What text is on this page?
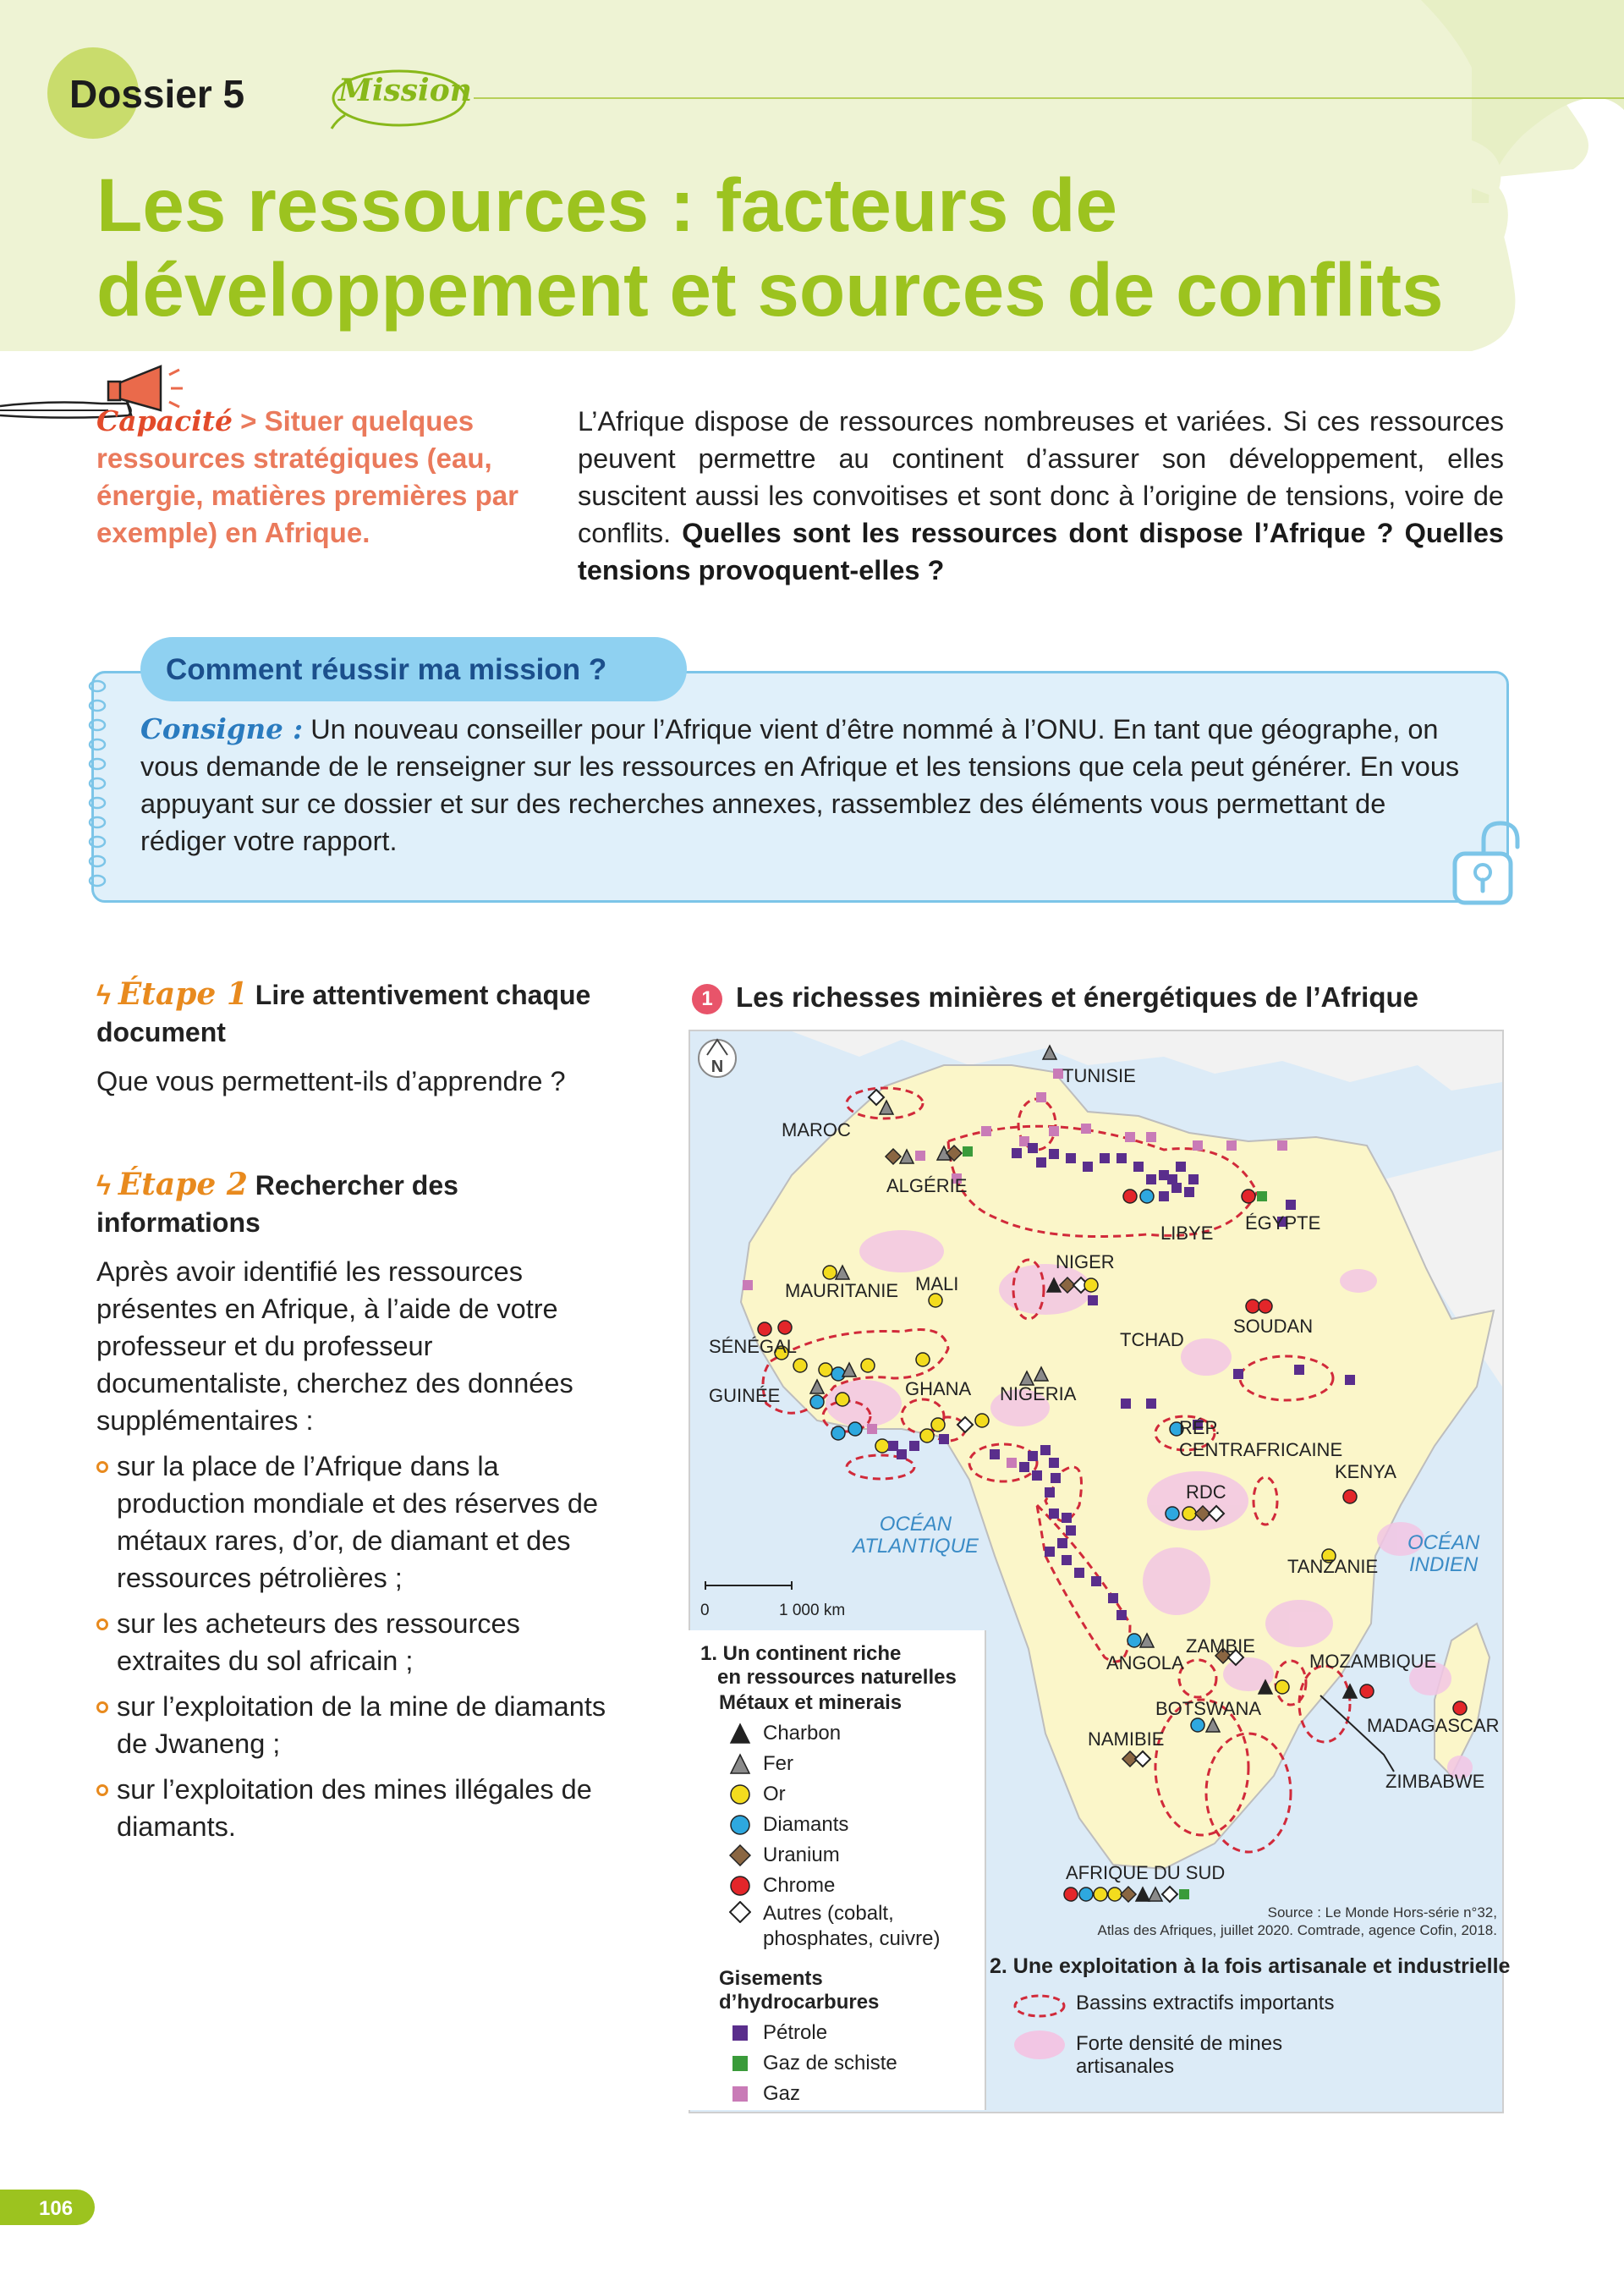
Dossier 5	Mission
Les ressources : facteurs de
développement et sources de conflits
Capacité > Situer quelques ressources stratégiques (eau, énergie, matières premières par exemple) en Afrique.
L’Afrique dispose de ressources nombreuses et variées. Si ces ressources peuvent permettre au continent d’assurer son développement, elles suscitent aussi les convoitises et sont donc à l’origine de tensions, voire de conflits. Quelles sont les ressources dont dispose l’Afrique ? Quelles tensions provoquent-elles ?
Comment réussir ma mission ?
Consigne : Un nouveau conseiller pour l’Afrique vient d’être nommé à l’ONU. En tant que géographe, on vous demande de le renseigner sur les ressources en Afrique et les tensions que cela peut générer. En vous appuyant sur ce dossier et sur des recherches annexes, rassemblez des éléments vous permettant de rédiger votre rapport.
ϟ Étape 1 Lire attentivement chaque document
Que vous permettent-ils d’apprendre ?
ϟ Étape 2 Rechercher des informations
Après avoir identifié les ressources présentes en Afrique, à l’aide de votre professeur et du professeur documentaliste, cherchez des données supplémentaires :
sur la place de l’Afrique dans la production mondiale et des réserves de métaux rares, d’or, de diamant et des ressources pétrolières ;
sur les acheteurs des ressources extraites du sol africain ;
sur l’exploitation de la mine de diamants de Jwaneng ;
sur l’exploitation des mines illégales de diamants.
1 Les richesses minières et énergétiques de l’Afrique
N
0	1 000 km
TUNISIE
MAROC
ALGÉRIE
LIBYE ÉGYPTE
MAURITANIE MALI
NIGER
TCHAD
SOUDAN
SÉNÉGAL
GUINÉE	GHANA NIGERIA
RÉP.
CENTRAFRICAINE
KENYA
RDC
TANZANIE
ANGOLA
ZAMBIE
MOZAMBIQUE
BOTSWANA
NAMIBIE
MADAGASCAR
ZIMBABWE
AFRIQUE DU SUD
OCÉAN
ATLANTIQUE	OCÉAN
INDIEN
1. Un continent riche
en ressources naturelles
Métaux et minerais
Charbon
Fer
Or
Diamants
Uranium
Chrome
Autres (cobalt,
phosphates, cuivre)
Gisements
d’hydrocarbures
Pétrole
Gaz de schiste
Gaz
Source : Le Monde Hors-série n°32,
Atlas des Afriques, juillet 2020. Comtrade, agence Cofin, 2018.
2. Une exploitation à la fois artisanale et industrielle
Bassins extractifs importants
Forte densité de mines
artisanales
106
